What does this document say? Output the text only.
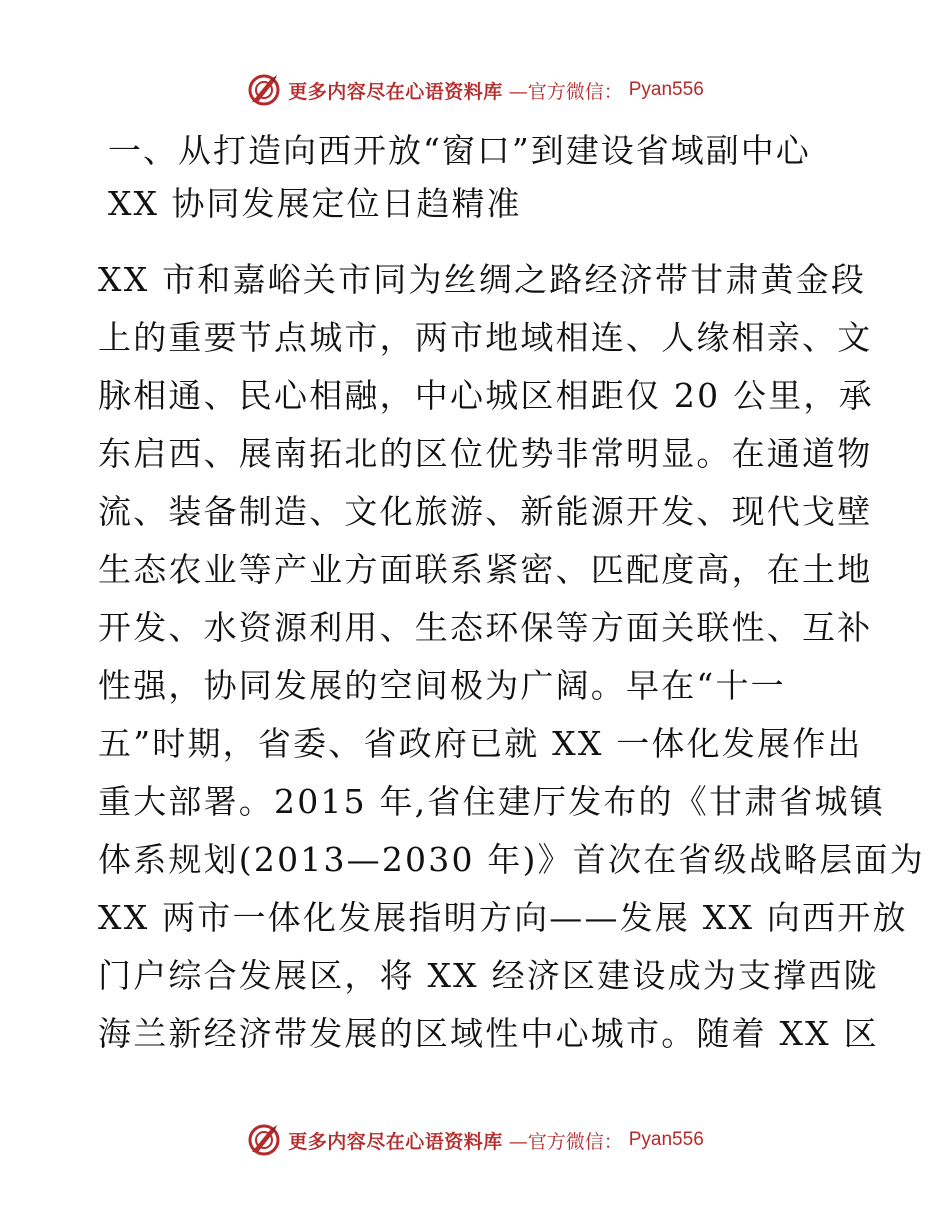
更多内容尽在心语资料库 —官方微信： Pyan556
一、从打造向西开放“窗口”到建设省域副中心
XX 协同发展定位日趋精准
XX 市和嘉峪关市同为丝绸之路经济带甘肃黄金段
上的重要节点城市，两市地域相连、人缘相亲、文
脉相通、民心相融，中心城区相距仅 20 公里，承
东启西、展南拓北的区位优势非常明显。在通道物
流、装备制造、文化旅游、新能源开发、现代戈壁
生态农业等产业方面联系紧密、匹配度高，在土地
开发、水资源利用、生态环保等方面关联性、互补
性强，协同发展的空间极为广阔。早在“十一
五”时期，省委、省政府已就 XX 一体化发展作出
重大部署。2015 年,省住建厅发布的《甘肃省城镇
体系规划(2013—2030 年)》首次在省级战略层面为
XX 两市一体化发展指明方向——发展 XX 向西开放
门户综合发展区，将 XX 经济区建设成为支撑西陇
海兰新经济带发展的区域性中心城市。随着 XX 区
更多内容尽在心语资料库 —官方微信： Pyan556
